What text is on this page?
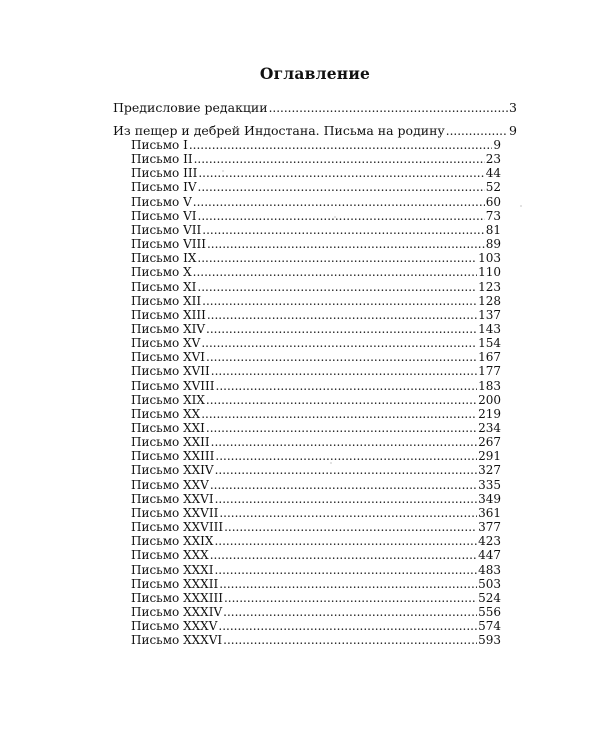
Оглавление
Предисловие редакции .....	3
Из пещер и дебрей Индостана. Письма на родину .....	9
Письмо I .....	9
Письмо II .....	23
Письмо III .....	44
Письмо IV .....	52
Письмо V .....	60
Письмо VI .....	73
Письмо VII .....	81
Письмо VIII .....	89
Письмо IX .....	103
Письмо X .....	110
Письмо XI .....	123
Письмо XII .....	128
Письмо XIII .....	137
Письмо XIV .....	143
Письмо XV .....	154
Письмо XVI .....	167
Письмо XVII .....	177
Письмо XVIII .....	183
Письмо XIX .....	200
Письмо XX .....	219
Письмо XXI .....	234
Письмо XXII .....	267
Письмо XXIII .....	291
Письмо XXIV .....	327
Письмо XXV .....	335
Письмо XXVI .....	349
Письмо XXVII .....	361
Письмо XXVIII .....	377
Письмо XXIX .....	423
Письмо XXX .....	447
Письмо XXXI .....	483
Письмо XXXII .....	503
Письмо XXXIII .....	524
Письмо XXXIV .....	556
Письмо XXXV .....	574
Письмо XXXVI .....	593
